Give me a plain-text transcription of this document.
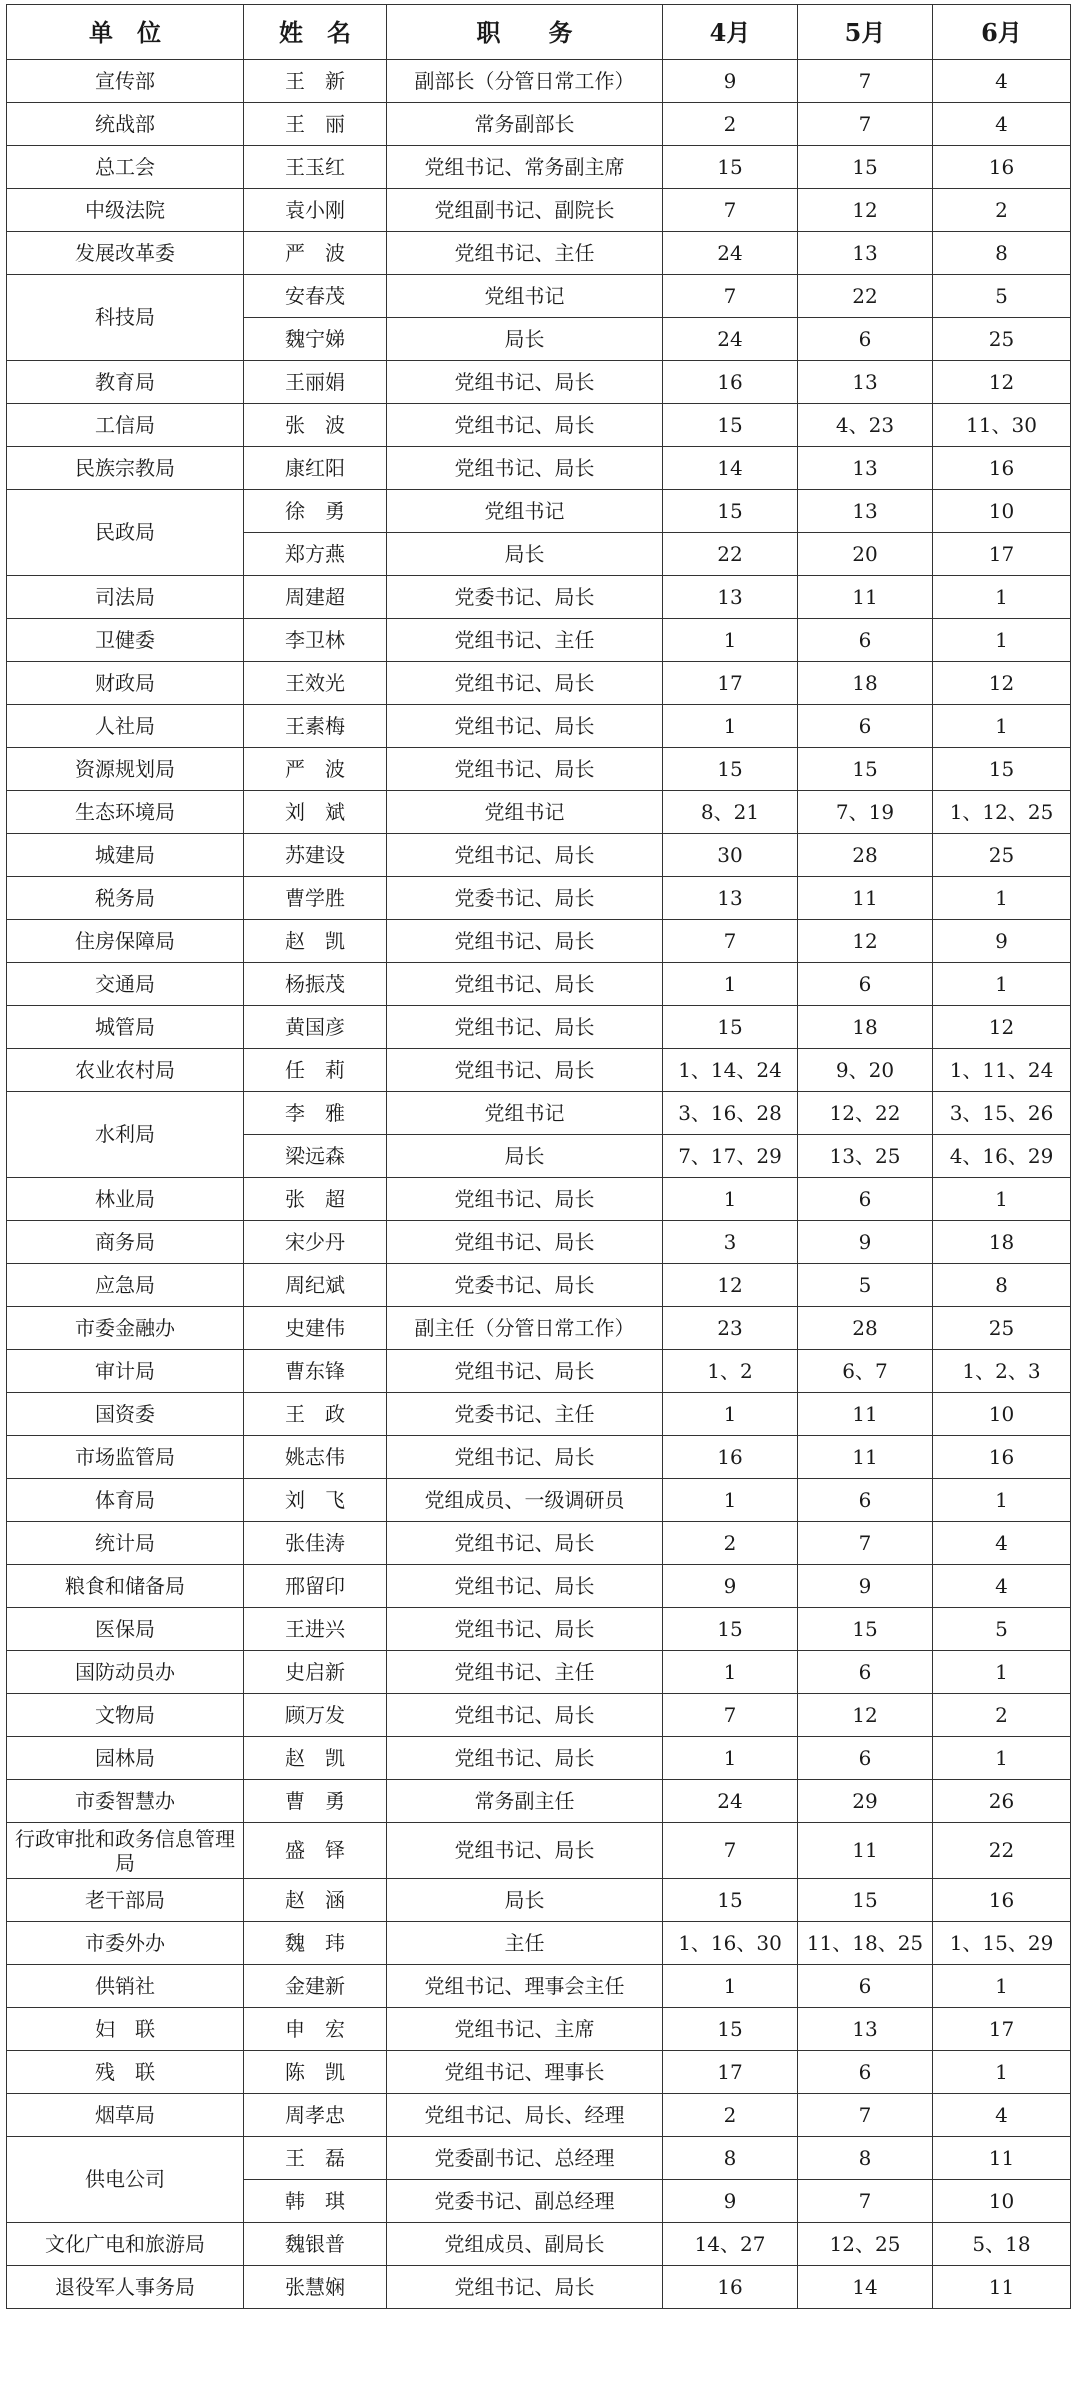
单　位	姓　名	职　　务	4月	5月	6月
宣传部	王　新	副部长（分管日常工作）	9	7	4
统战部	王　丽	常务副部长	2	7	4
总工会	王玉红	党组书记、常务副主席	15	15	16
中级法院	袁小刚	党组副书记、副院长	7	12	2
发展改革委	严　波	党组书记、主任	24	13	8
科技局	安春茂	党组书记	7	22	5
	魏宁娣	局长	24	6	25
教育局	王丽娟	党组书记、局长	16	13	12
工信局	张　波	党组书记、局长	15	4、23	11、30
民族宗教局	康红阳	党组书记、局长	14	13	16
民政局	徐　勇	党组书记	15	13	10
	郑方燕	局长	22	20	17
司法局	周建超	党委书记、局长	13	11	1
卫健委	李卫林	党组书记、主任	1	6	1
财政局	王效光	党组书记、局长	17	18	12
人社局	王素梅	党组书记、局长	1	6	1
资源规划局	严　波	党组书记、局长	15	15	15
生态环境局	刘　斌	党组书记	8、21	7、19	1、12、25
城建局	苏建设	党组书记、局长	30	28	25
税务局	曹学胜	党委书记、局长	13	11	1
住房保障局	赵　凯	党组书记、局长	7	12	9
交通局	杨振茂	党组书记、局长	1	6	1
城管局	黄国彦	党组书记、局长	15	18	12
农业农村局	任　莉	党组书记、局长	1、14、24	9、20	1、11、24
水利局	李　雅	党组书记	3、16、28	12、22	3、15、26
	梁远森	局长	7、17、29	13、25	4、16、29
林业局	张　超	党组书记、局长	1	6	1
商务局	宋少丹	党组书记、局长	3	9	18
应急局	周纪斌	党委书记、局长	12	5	8
市委金融办	史建伟	副主任（分管日常工作）	23	28	25
审计局	曹东锋	党组书记、局长	1、2	6、7	1、2、3
国资委	王　政	党委书记、主任	1	11	10
市场监管局	姚志伟	党组书记、局长	16	11	16
体育局	刘　飞	党组成员、一级调研员	1	6	1
统计局	张佳涛	党组书记、局长	2	7	4
粮食和储备局	邢留印	党组书记、局长	9	9	4
医保局	王进兴	党组书记、局长	15	15	5
国防动员办	史启新	党组书记、主任	1	6	1
文物局	顾万发	党组书记、局长	7	12	2
园林局	赵　凯	党组书记、局长	1	6	1
市委智慧办	曹　勇	常务副主任	24	29	26
行政审批和政务信息管理局	盛　铎	党组书记、局长	7	11	22
老干部局	赵　涵	局长	15	15	16
市委外办	魏　玮	主任	1、16、30	11、18、25	1、15、29
供销社	金建新	党组书记、理事会主任	1	6	1
妇　联	申　宏	党组书记、主席	15	13	17
残　联	陈　凯	党组书记、理事长	17	6	1
烟草局	周孝忠	党组书记、局长、经理	2	7	4
供电公司	王　磊	党委副书记、总经理	8	8	11
	韩　琪	党委书记、副总经理	9	7	10
文化广电和旅游局	魏银普	党组成员、副局长	14、27	12、25	5、18
退役军人事务局	张慧娴	党组书记、局长	16	14	11
